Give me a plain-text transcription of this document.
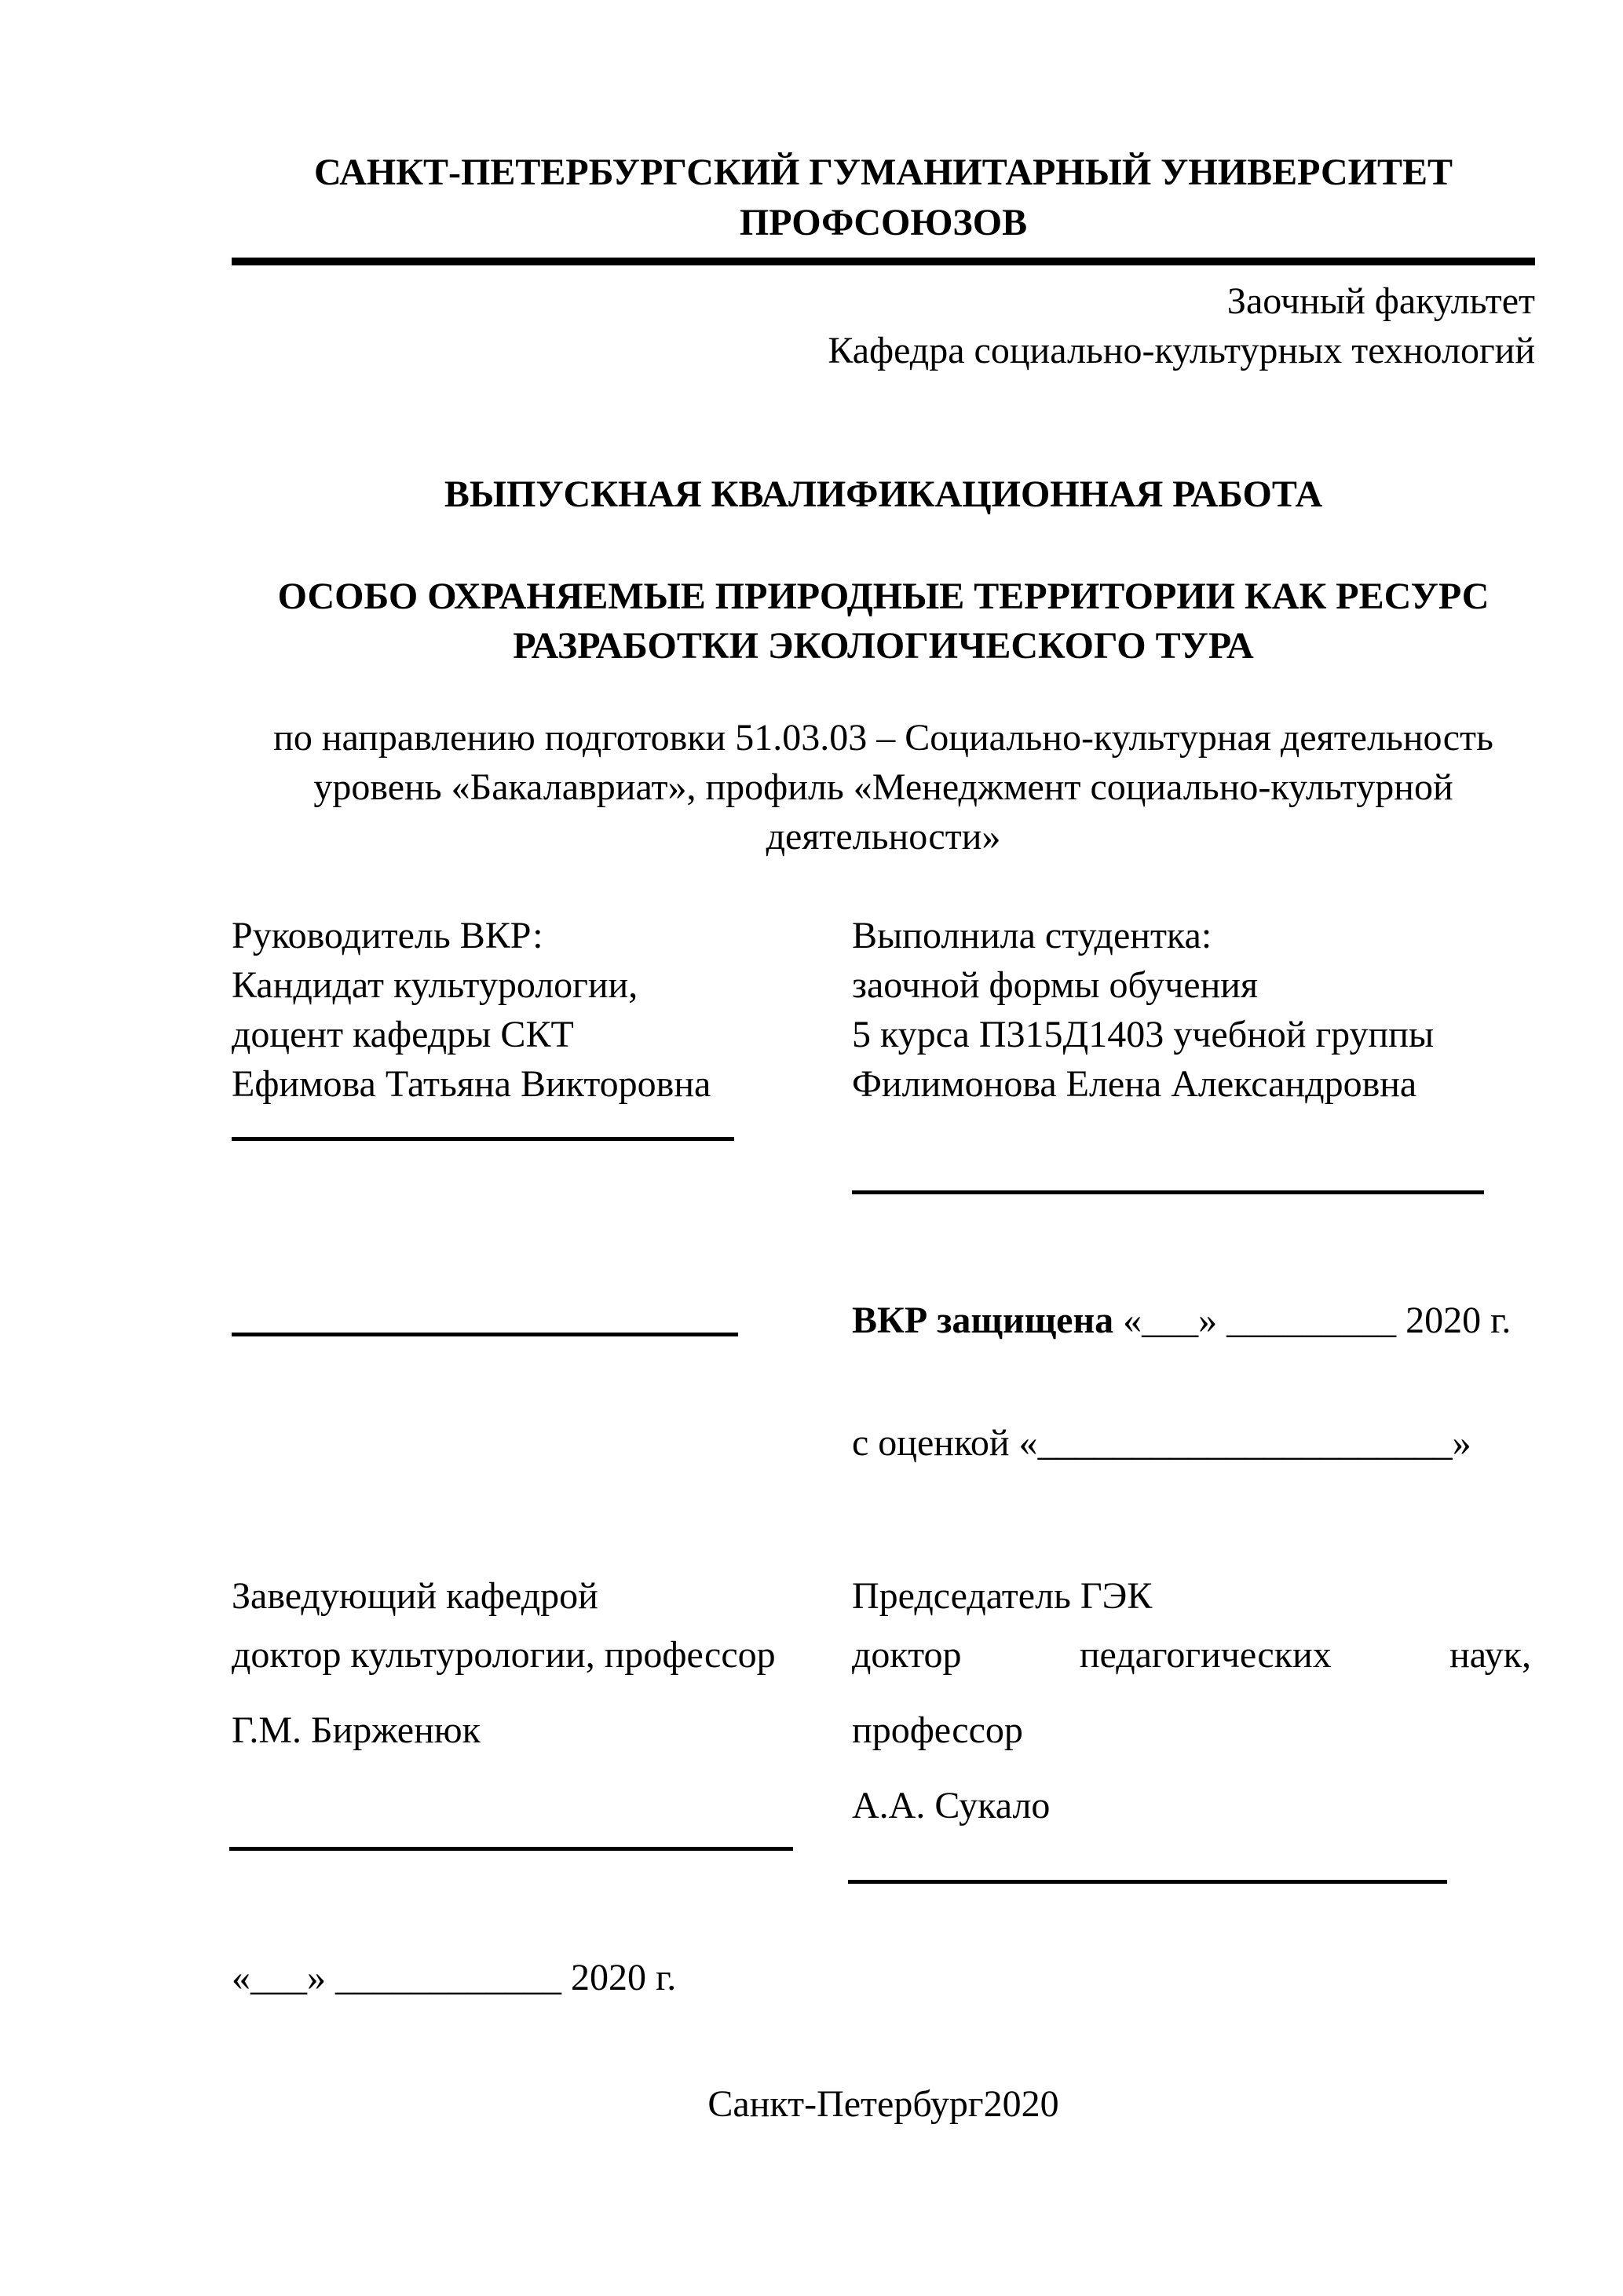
САНКТ-ПЕТЕРБУРГСКИЙ ГУМАНИТАРНЫЙ УНИВЕРСИТЕТ
ПРОФСОЮЗОВ
Заочный факультет
Кафедра социально-культурных технологий
ВЫПУСКНАЯ КВАЛИФИКАЦИОННАЯ РАБОТА
ОСОБО ОХРАНЯЕМЫЕ ПРИРОДНЫЕ ТЕРРИТОРИИ КАК РЕСУРС
РАЗРАБОТКИ ЭКОЛОГИЧЕСКОГО ТУРА
по направлению подготовки 51.03.03 – Социально-культурная деятельность
уровень «Бакалавриат», профиль «Менеджмент социально-культурной
деятельности»
Руководитель ВКР:
Кандидат культурологии,
доцент кафедры СКТ
Ефимова Татьяна Викторовна
Выполнила студентка:
заочной формы обучения
5 курса П315Д1403 учебной группы
Филимонова Елена Александровна
ВКР защищена «___» _________ 2020 г.
с оценкой «______________________»
Заведующий кафедрой
доктор культурологии, профессор
Г.М. Бирженюк
Председатель ГЭК
доктор	педагогических	наук,
профессор
А.А. Сукало
«___» ____________ 2020 г.
Санкт-Петербург2020
